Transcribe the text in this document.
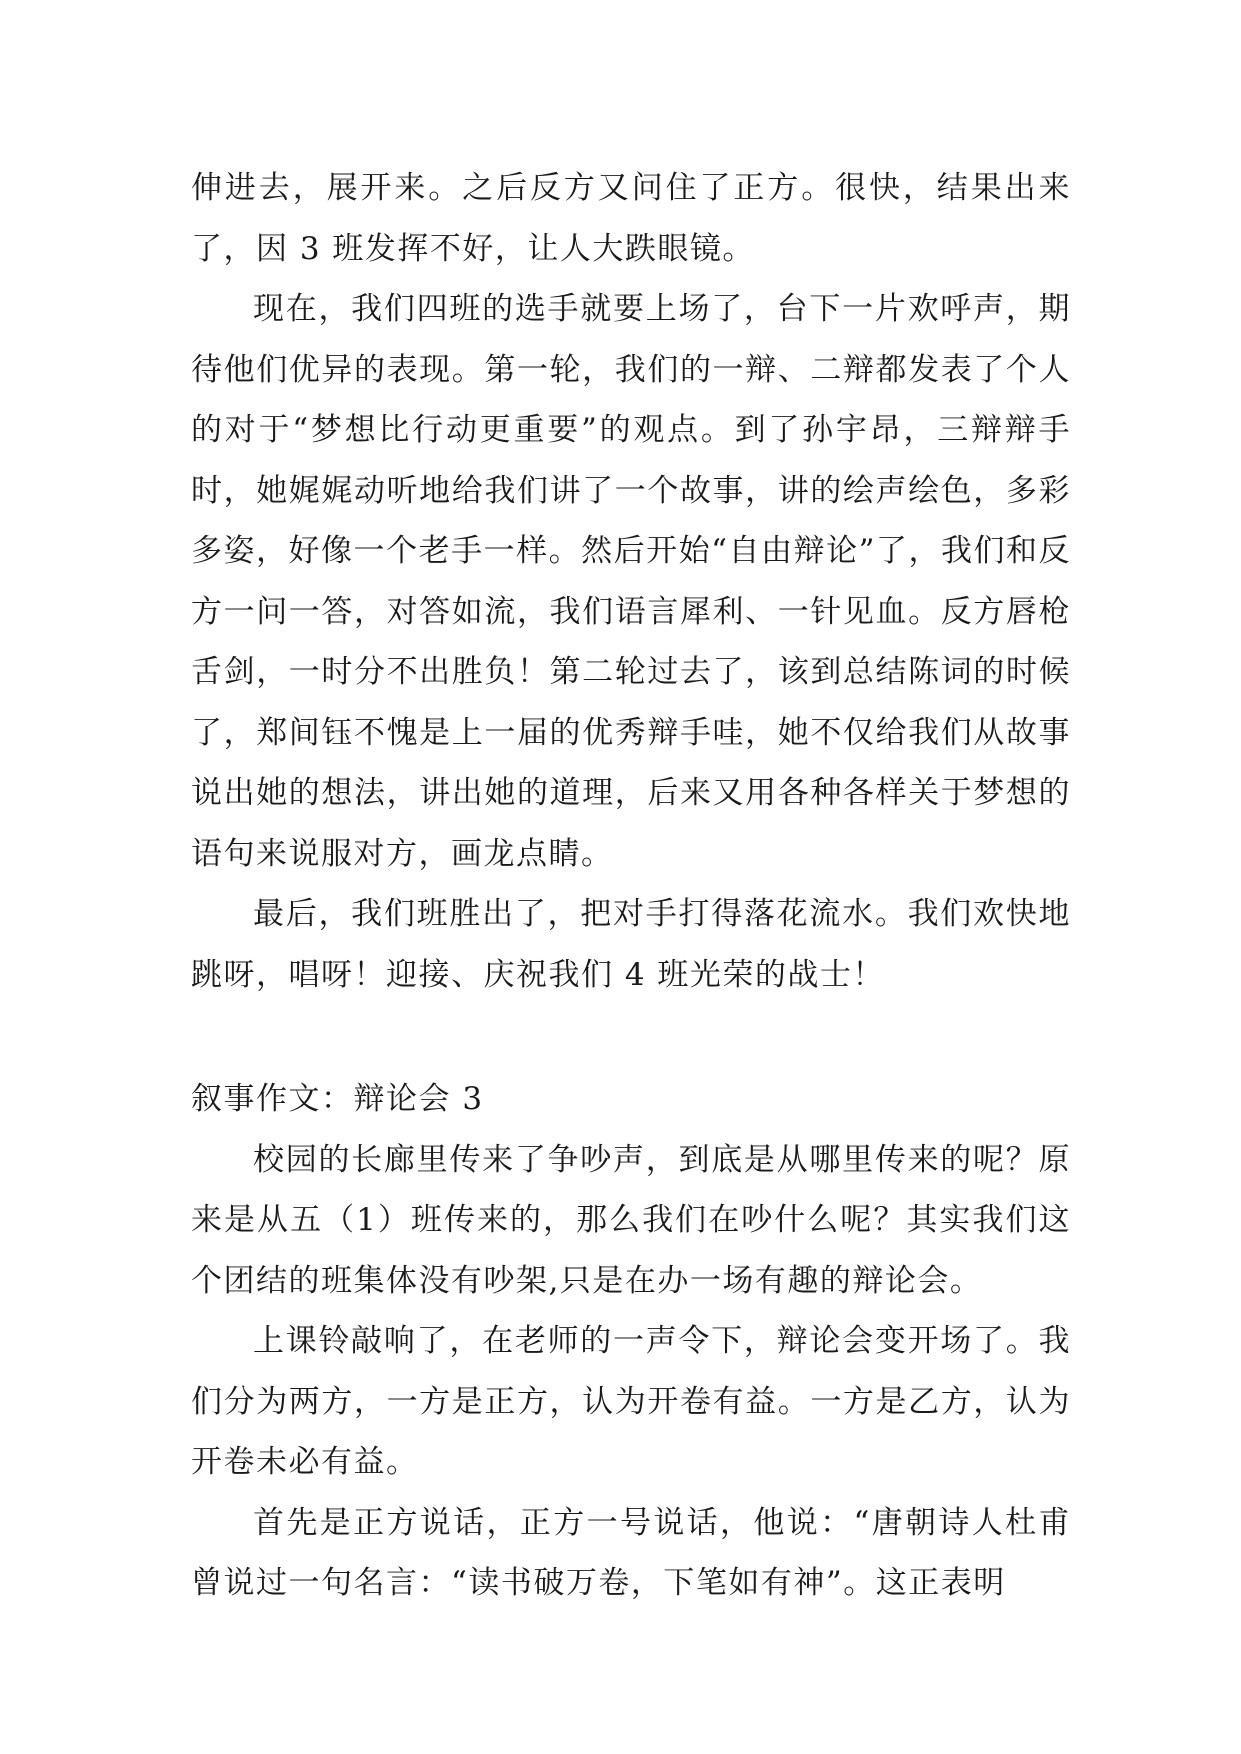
伸进去，展开来。之后反方又问住了正方。很快，结果出来了，因 3 班发挥不好，让人大跌眼镜。

现在，我们四班的选手就要上场了，台下一片欢呼声，期待他们优异的表现。第一轮，我们的一辩、二辩都发表了个人的对于“梦想比行动更重要”的观点。到了孙宇昂，三辩辩手时，她娓娓动听地给我们讲了一个故事，讲的绘声绘色，多彩多姿，好像一个老手一样。然后开始“自由辩论”了，我们和反方一问一答，对答如流，我们语言犀利、一针见血。反方唇枪舌剑，一时分不出胜负！第二轮过去了，该到总结陈词的时候了，郑间钰不愧是上一届的优秀辩手哇，她不仅给我们从故事说出她的想法，讲出她的道理，后来又用各种各样关于梦想的语句来说服对方，画龙点睛。

最后，我们班胜出了，把对手打得落花流水。我们欢快地跳呀，唱呀！迎接、庆祝我们 4 班光荣的战士！

叙事作文：辩论会 3

校园的长廊里传来了争吵声，到底是从哪里传来的呢？原来是从五（1）班传来的，那么我们在吵什么呢？其实我们这个团结的班集体没有吵架,只是在办一场有趣的辩论会。

上课铃敲响了，在老师的一声令下，辩论会变开场了。我们分为两方，一方是正方，认为开卷有益。一方是乙方，认为开卷未必有益。

首先是正方说话，正方一号说话，他说：“唐朝诗人杜甫曾说过一句名言：“读书破万卷，下笔如有神”。这正表明
